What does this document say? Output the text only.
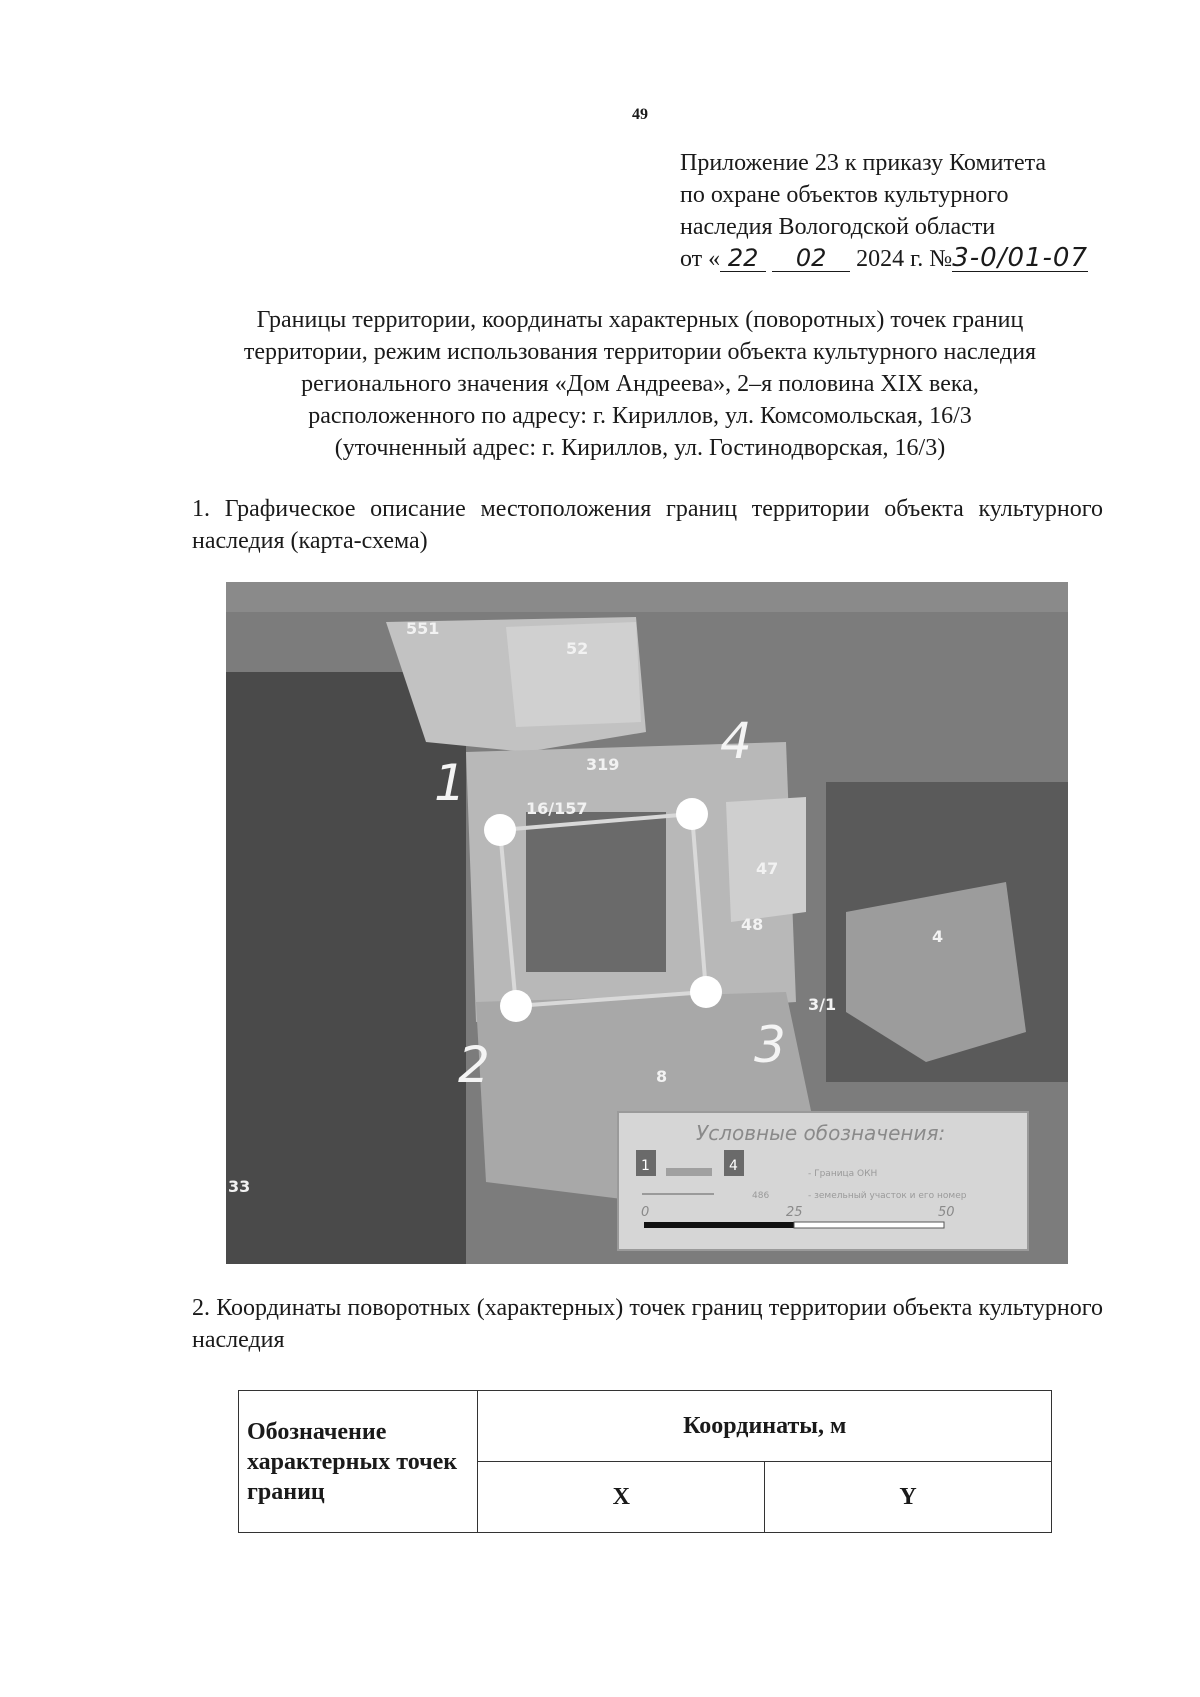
49
Приложение 23 к приказу Комитета
по охране объектов культурного
наследия Вологодской области
от « 22 02 2024 г. №3-0/01-07
Границы территории, координаты характерных (поворотных) точек границ
территории, режим использования территории объекта культурного наследия
регионального значения «Дом Андреева», 2–я половина XIX века,
расположенного по адресу: г. Кириллов, ул. Комсомольская, 16/3
(уточненный адрес: г. Кириллов, ул. Гостинодворская, 16/3)
1. Графическое описание местоположения границ территории объекта культурного наследия (карта-схема)
551
52
319
16/157
47
48
4
3/1
8
33
1
2	3
4
Условные обозначения:
1	4
486
- Граница ОКН
- земельный участок и его номер
0	25	50
2. Координаты поворотных (характерных) точек границ территории объекта культурного наследия
Обозначение характерных точек границ	Координаты, м	
	X	Y
